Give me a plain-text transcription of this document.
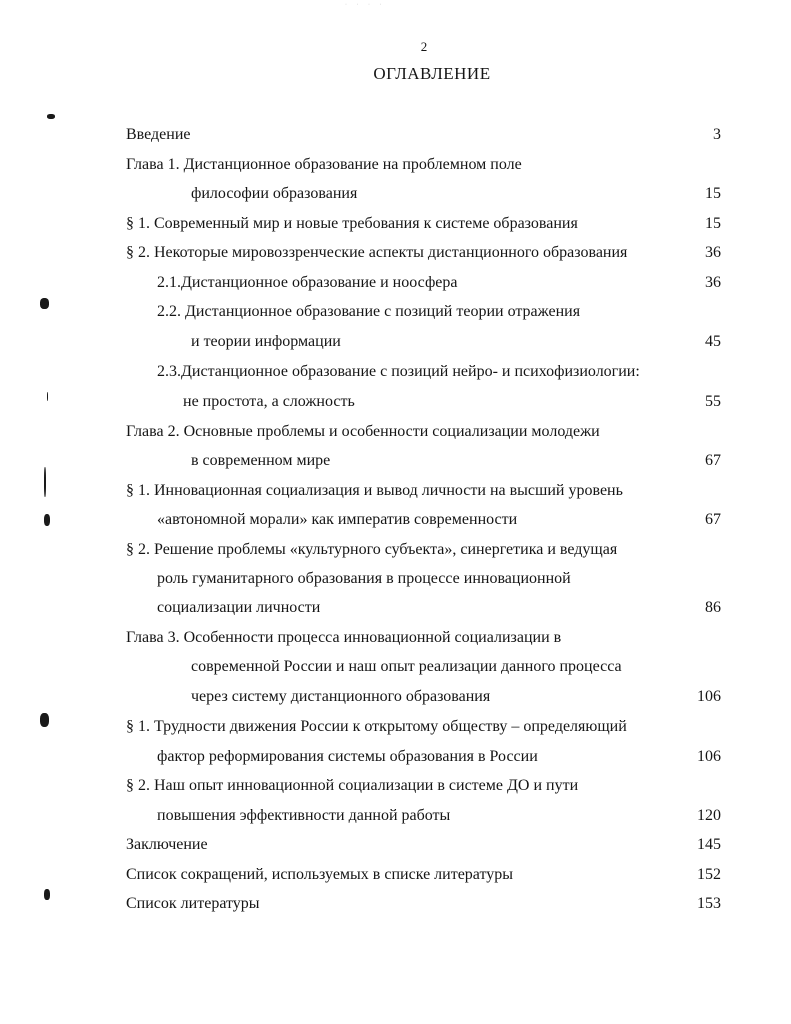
· · · ·
2
ОГЛАВЛЕНИЕ
Введение	3
Глава 1. Дистанционное образование на проблемном поле
философии образования	15
§ 1. Современный мир и новые требования к системе образования	15
§ 2. Некоторые мировоззренческие аспекты дистанционного образования	36
2.1.Дистанционное образование и ноосфера	36
2.2. Дистанционное образование с позиций теории отражения
и теории информации	45
2.3.Дистанционное образование с позиций нейро- и психофизиологии:
не простота, а сложность	55
Глава 2. Основные проблемы и особенности социализации молодежи
в современном мире	67
§ 1. Инновационная социализация и вывод личности на высший уровень
«автономной морали» как императив современности	67
§ 2. Решение проблемы «культурного субъекта», синергетика и ведущая
роль гуманитарного образования в процессе инновационной
социализации личности	86
Глава 3. Особенности процесса инновационной социализации в
современной России и наш опыт реализации данного процесса
через систему дистанционного образования	106
§ 1. Трудности движения России к открытому обществу – определяющий
фактор реформирования системы образования в России	106
§ 2. Наш опыт инновационной социализации в системе ДО и пути
повышения эффективности данной работы	120
Заключение	145
Список сокращений, используемых в списке литературы	152
Список литературы	153
